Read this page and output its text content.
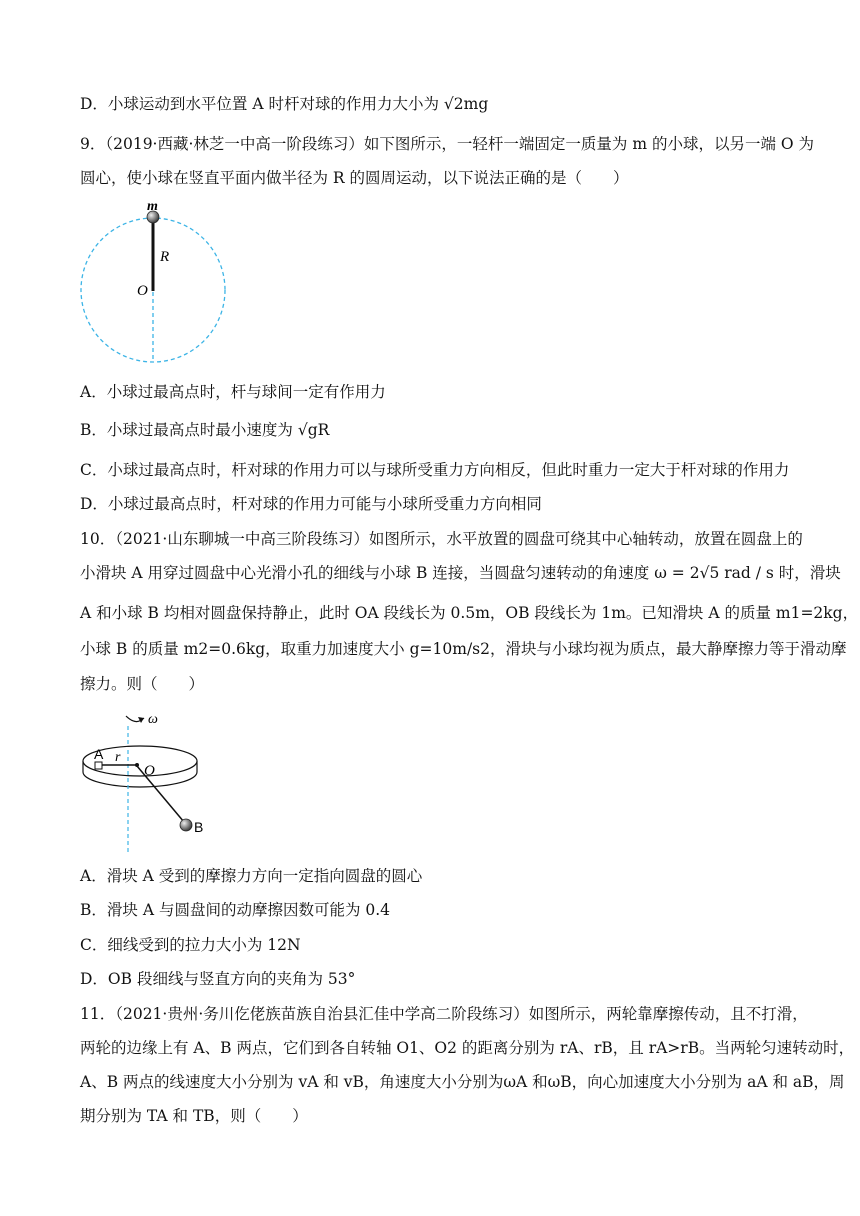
D．小球运动到水平位置 A 时杆对球的作用力大小为 √2mg
9．（2019·西藏·林芝一中高一阶段练习）如下图所示，一轻杆一端固定一质量为 m 的小球，以另一端 O 为
圆心，使小球在竖直平面内做半径为 R 的圆周运动，以下说法正确的是（　　）
m
R
O
A．小球过最高点时，杆与球间一定有作用力
B．小球过最高点时最小速度为 √gR
C．小球过最高点时，杆对球的作用力可以与球所受重力方向相反，但此时重力一定大于杆对球的作用力
D．小球过最高点时，杆对球的作用力可能与小球所受重力方向相同
10．（2021·山东聊城一中高三阶段练习）如图所示，水平放置的圆盘可绕其中心轴转动，放置在圆盘上的
小滑块 A 用穿过圆盘中心光滑小孔的细线与小球 B 连接，当圆盘匀速转动的角速度 ω = 2√5 rad / s 时，滑块
A 和小球 B 均相对圆盘保持静止，此时 OA 段线长为 0.5m，OB 段线长为 1m。已知滑块 A 的质量 m1=2kg，
小球 B 的质量 m2=0.6kg，取重力加速度大小 g=10m/s2，滑块与小球均视为质点，最大静摩擦力等于滑动摩
擦力。则（　　）
ω
A r
O
B
A．滑块 A 受到的摩擦力方向一定指向圆盘的圆心
B．滑块 A 与圆盘间的动摩擦因数可能为 0.4
C．细线受到的拉力大小为 12N
D．OB 段细线与竖直方向的夹角为 53°
11．（2021·贵州·务川仡佬族苗族自治县汇佳中学高二阶段练习）如图所示，两轮靠摩擦传动，且不打滑，
两轮的边缘上有 A、B 两点，它们到各自转轴 O1、O2 的距离分别为 rA、rB，且 rA>rB。当两轮匀速转动时，
A、B 两点的线速度大小分别为 vA 和 vB，角速度大小分别为ωA 和ωB，向心加速度大小分别为 aA 和 aB，周
期分别为 TA 和 TB，则（　　）
